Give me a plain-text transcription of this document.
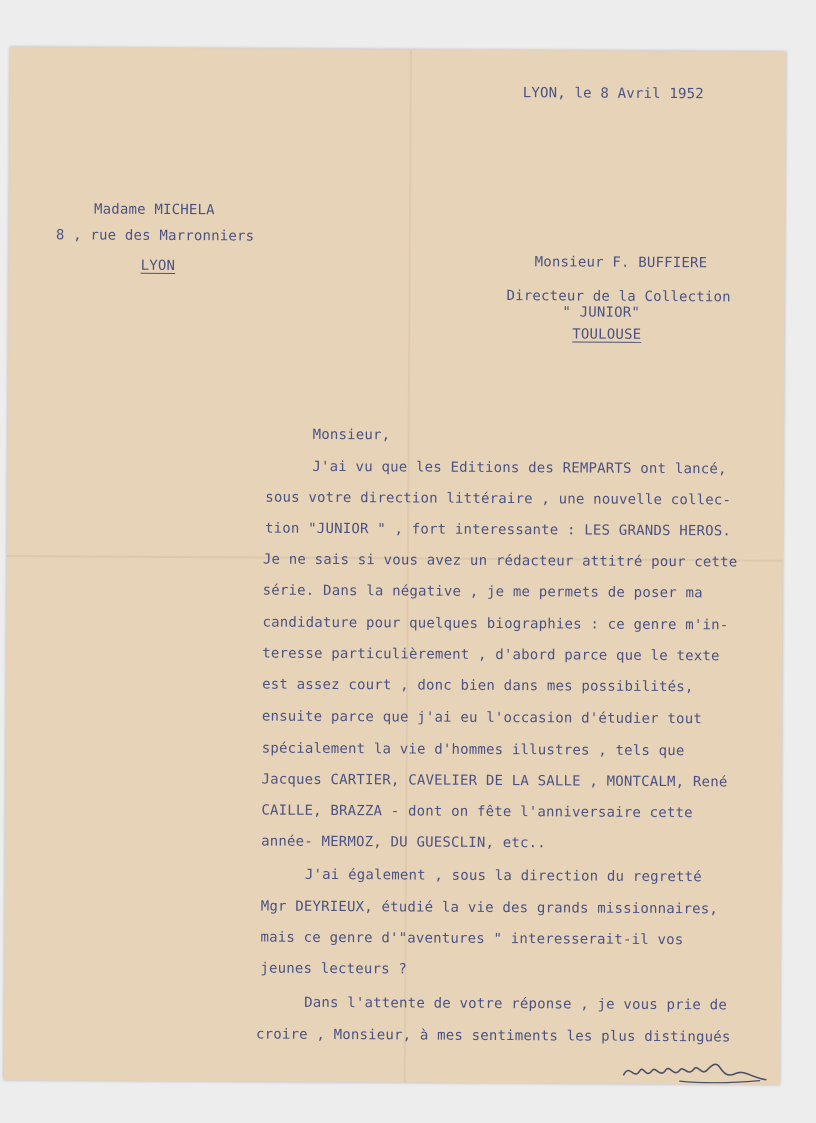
LYON, le 8 Avril 1952

Madame MICHELA

8 , rue des Marronniers

LYON	Monsieur F. BUFFIERE

Directeur de la Collection

" JUNIOR"

TOULOUSE

Monsieur,

J'ai vu que les Editions des REMPARTS ont lancé,

sous votre direction littéraire , une nouvelle collec-

tion "JUNIOR " , fort interessante : LES GRANDS HEROS.

Je ne sais si vous avez un rédacteur attitré pour cette

série. Dans la négative , je me permets de poser ma

candidature pour quelques biographies : ce genre m'in-

teresse particulièrement , d'abord parce que le texte

est assez court , donc bien dans mes possibilités,

ensuite parce que j'ai eu l'occasion d'étudier tout

spécialement la vie d'hommes illustres , tels que

Jacques CARTIER, CAVELIER DE LA SALLE , MONTCALM, René

CAILLE, BRAZZA - dont on fête l'anniversaire cette

année- MERMOZ, DU GUESCLIN, etc..

J'ai également , sous la direction du regretté

Mgr DEYRIEUX, étudié la vie des grands missionnaires,

mais ce genre d'"aventures " interesserait-il vos

jeunes lecteurs ?

Dans l'attente de votre réponse , je vous prie de

croire , Monsieur, à mes sentiments les plus distingués
